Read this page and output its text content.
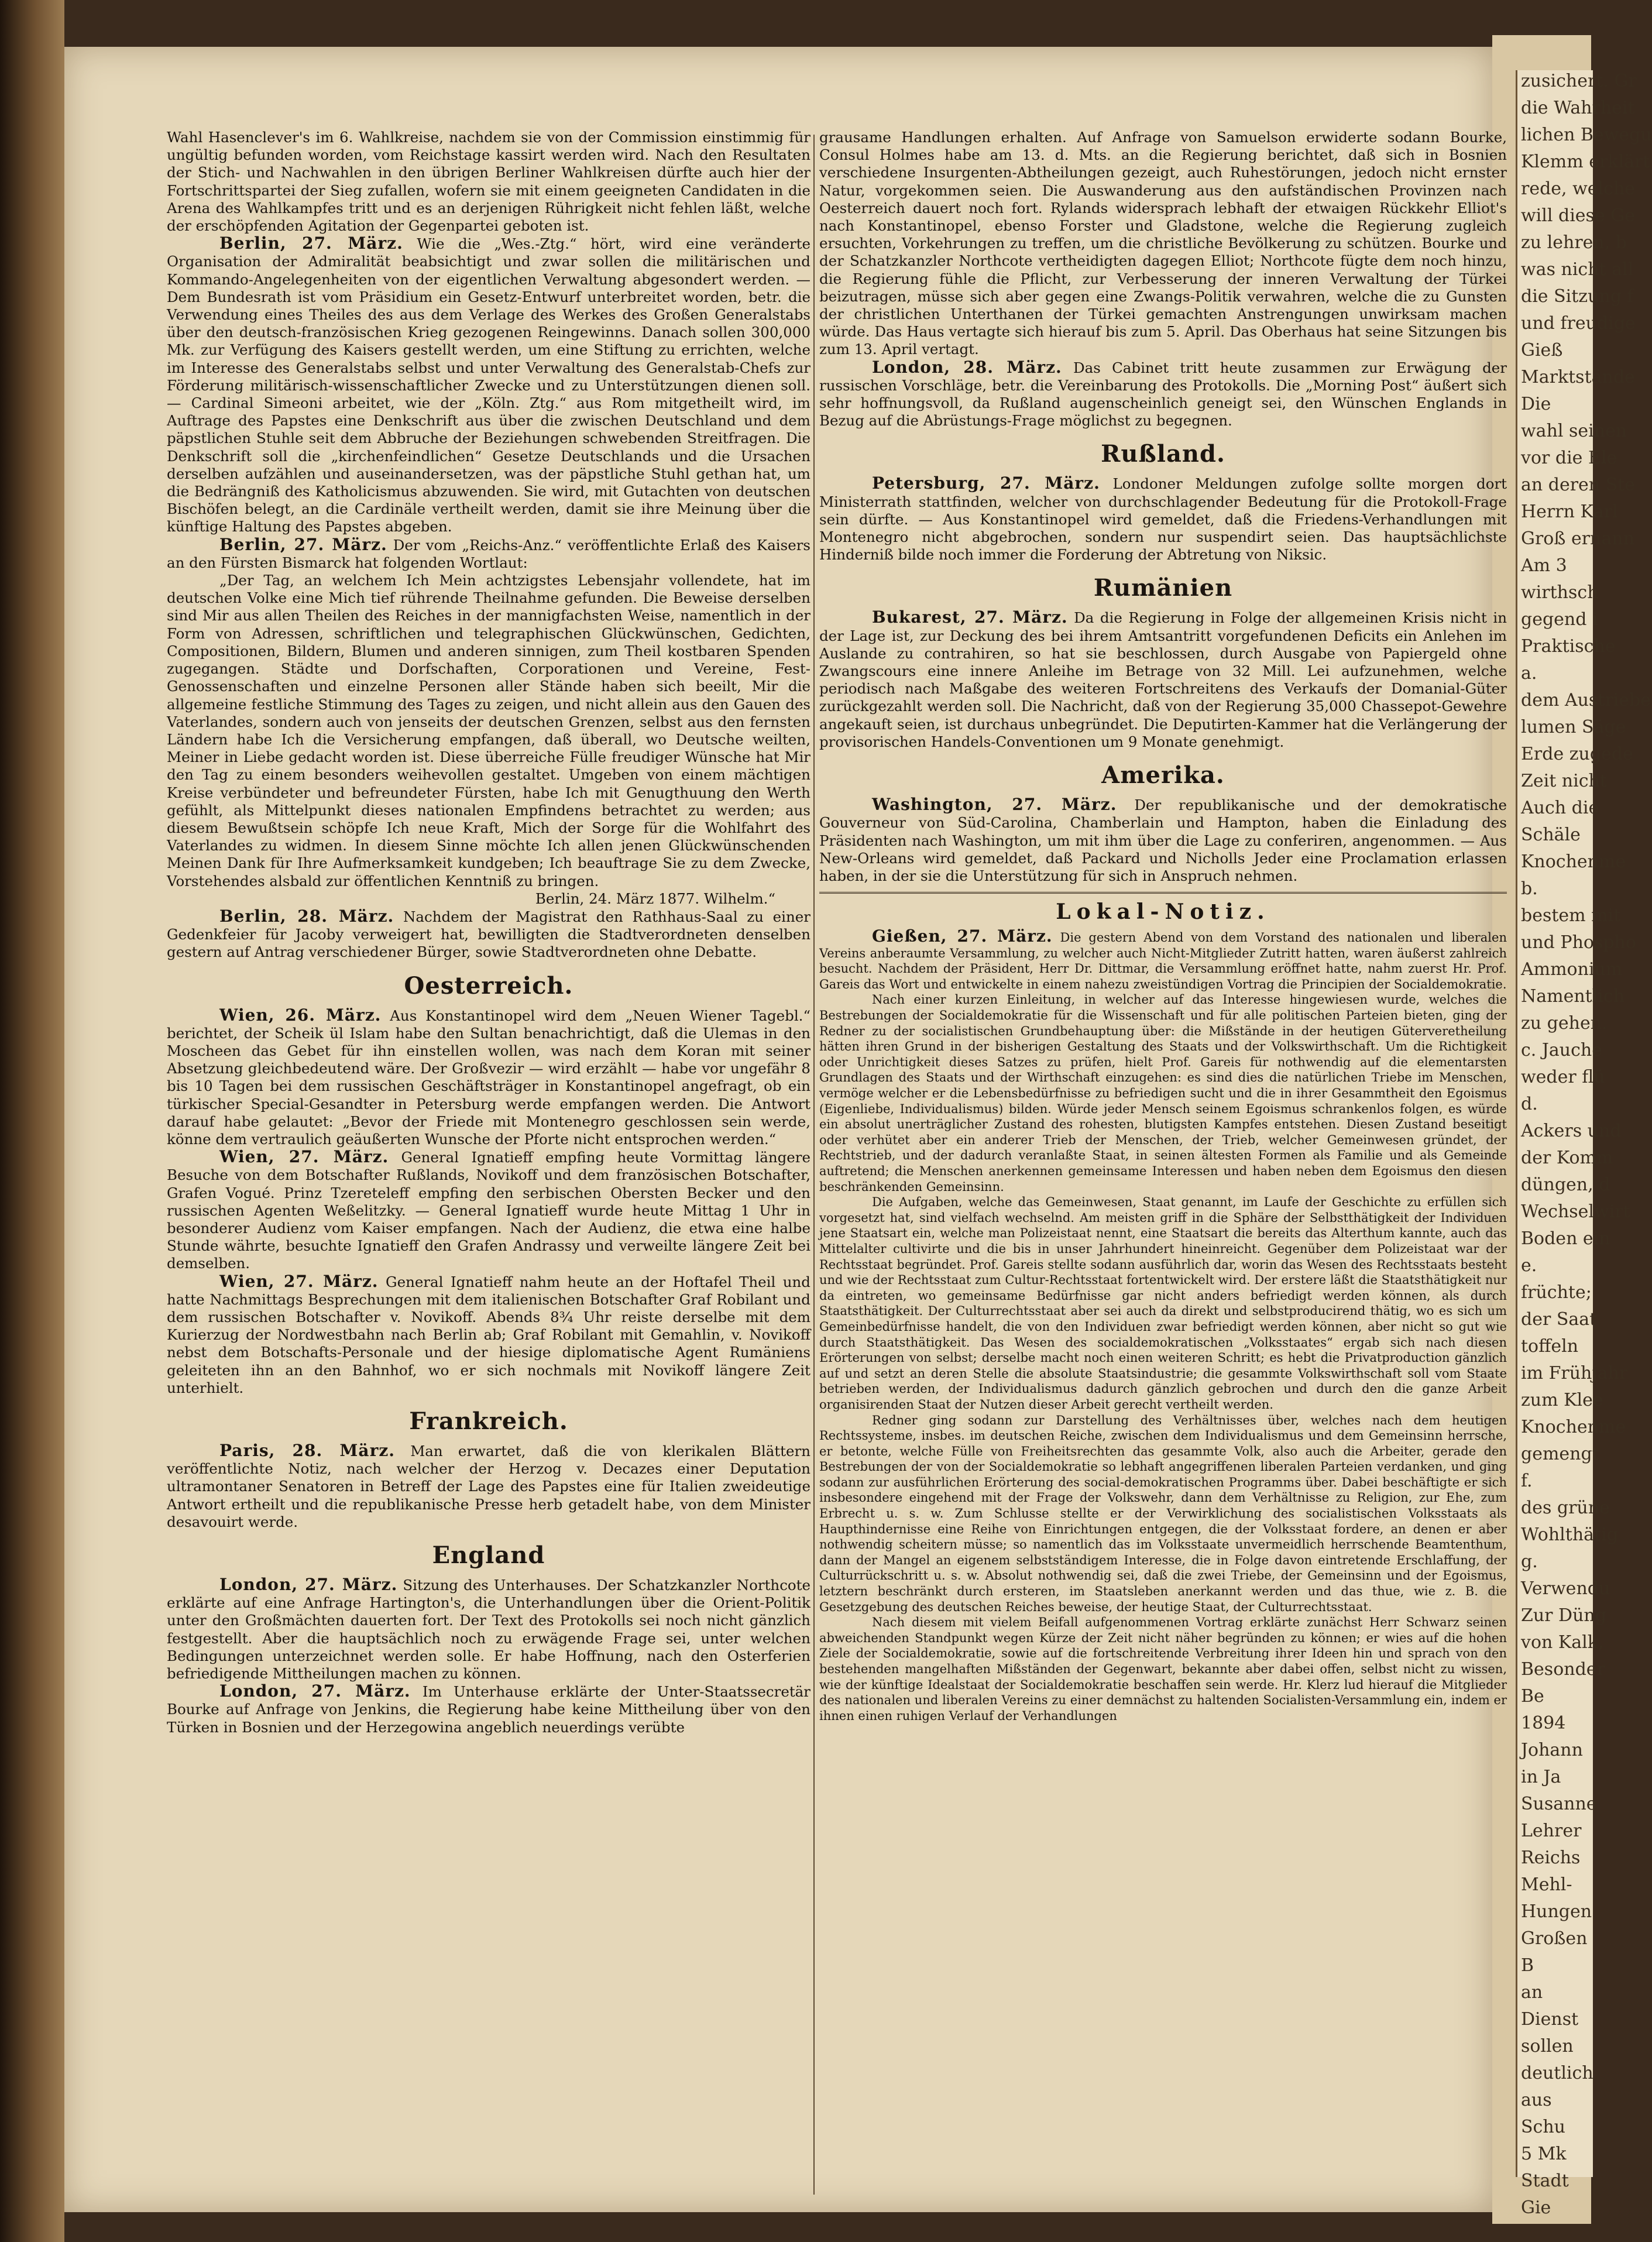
zusichert. Gr

die Wahrheit

lichen Bewegu

Klemm erklärt

rede, welche

will diese Ge

zu lehren, b

was nicht all

die Sitzung f

und freudige

Gieß

Marktstände

Die

wahl seinen

vor die Ele

an deren Ste

Herrn Karl

Groß ernann

Am 3

wirthsch

gegend i

Praktische

a.

dem Austriebe

lumen Säge

Erde zugede

Zeit nicht

Auch die

Schäle

Knochenme

b.

bestem mit

und Phospho

Ammonium

Namentlich

zu gehen.

c. Jauche

weder flü

d.

Ackers und

der Komm

düngen, d

Wechselwirt

Boden ein

e.

früchte;

der Saat

toffeln

im Frühjahr

zum Klee

Knochenme

gemengt

f.

des grüne

Wohlthätig

g.

Verwendu

Zur Düng

von Kalk,

Besonder

Be

1894

Johann

in Ja

Susanne

Lehrer

Reichs

Mehl-

Hungen

Großen

B

an

Dienst

sollen

deutlich

aus

Schu

5 Mk

Stadt

Gie

Wahl Hasenclever's im 6. Wahlkreise, nachdem sie von der Commission einstimmig für ungültig befunden worden, vom Reichstage kassirt werden wird. Nach den Resultaten der Stich- und Nachwahlen in den übrigen Berliner Wahlkreisen dürfte auch hier der Fortschrittspartei der Sieg zufallen, wofern sie mit einem geeigneten Candidaten in die Arena des Wahlkampfes tritt und es an derjenigen Rührigkeit nicht fehlen läßt, welche der erschöpfenden Agitation der Gegenpartei geboten ist.

Berlin, 27. März. Wie die „Wes.-Ztg.“ hört, wird eine veränderte Organisation der Admiralität beabsichtigt und zwar sollen die militärischen und Kommando-Angelegenheiten von der eigentlichen Verwaltung abgesondert werden. — Dem Bundesrath ist vom Präsidium ein Gesetz-Entwurf unterbreitet worden, betr. die Verwendung eines Theiles des aus dem Verlage des Werkes des Großen Generalstabs über den deutsch-französischen Krieg gezogenen Reingewinns. Danach sollen 300,000 Mk. zur Verfügung des Kaisers gestellt werden, um eine Stiftung zu errichten, welche im Interesse des Generalstabs selbst und unter Verwaltung des Generalstab-Chefs zur Förderung militärisch-wissenschaftlicher Zwecke und zu Unterstützungen dienen soll. — Cardinal Simeoni arbeitet, wie der „Köln. Ztg.“ aus Rom mitgetheilt wird, im Auftrage des Papstes eine Denkschrift aus über die zwischen Deutschland und dem päpstlichen Stuhle seit dem Abbruche der Beziehungen schwebenden Streitfragen. Die Denkschrift soll die „kirchenfeindlichen“ Gesetze Deutschlands und die Ursachen derselben aufzählen und auseinandersetzen, was der päpstliche Stuhl gethan hat, um die Bedrängniß des Katholicismus abzuwenden. Sie wird, mit Gutachten von deutschen Bischöfen belegt, an die Cardinäle vertheilt werden, damit sie ihre Meinung über die künftige Haltung des Papstes abgeben.

Berlin, 27. März. Der vom „Reichs-Anz.“ veröffentlichte Erlaß des Kaisers an den Fürsten Bismarck hat folgenden Wortlaut:

„Der Tag, an welchem Ich Mein achtzigstes Lebensjahr vollendete, hat im deutschen Volke eine Mich tief rührende Theilnahme gefunden. Die Beweise derselben sind Mir aus allen Theilen des Reiches in der mannigfachsten Weise, namentlich in der Form von Adressen, schriftlichen und telegraphischen Glückwünschen, Gedichten, Compositionen, Bildern, Blumen und anderen sinnigen, zum Theil kostbaren Spenden zugegangen. Städte und Dorfschaften, Corporationen und Vereine, Fest-Genossenschaften und einzelne Personen aller Stände haben sich beeilt, Mir die allgemeine festliche Stimmung des Tages zu zeigen, und nicht allein aus den Gauen des Vaterlandes, sondern auch von jenseits der deutschen Grenzen, selbst aus den fernsten Ländern habe Ich die Versicherung empfangen, daß überall, wo Deutsche weilten, Meiner in Liebe gedacht worden ist. Diese überreiche Fülle freudiger Wünsche hat Mir den Tag zu einem besonders weihevollen gestaltet. Umgeben von einem mächtigen Kreise verbündeter und befreundeter Fürsten, habe Ich mit Genugthuung den Werth gefühlt, als Mittelpunkt dieses nationalen Empfindens betrachtet zu werden; aus diesem Bewußtsein schöpfe Ich neue Kraft, Mich der Sorge für die Wohlfahrt des Vaterlandes zu widmen. In diesem Sinne möchte Ich allen jenen Glückwünschenden Meinen Dank für Ihre Aufmerksamkeit kundgeben; Ich beauftrage Sie zu dem Zwecke, Vorstehendes alsbald zur öffentlichen Kenntniß zu bringen.

Berlin, 24. März 1877. Wilhelm.“

Berlin, 28. März. Nachdem der Magistrat den Rathhaus-Saal zu einer Gedenkfeier für Jacoby verweigert hat, bewilligten die Stadtverordneten denselben gestern auf Antrag verschiedener Bürger, sowie Stadtverordneten ohne Debatte.

Oesterreich.

Wien, 26. März. Aus Konstantinopel wird dem „Neuen Wiener Tagebl.“ berichtet, der Scheik ül Islam habe den Sultan benachrichtigt, daß die Ulemas in den Moscheen das Gebet für ihn einstellen wollen, was nach dem Koran mit seiner Absetzung gleichbedeutend wäre. Der Großvezir — wird erzählt — habe vor ungefähr 8 bis 10 Tagen bei dem russischen Geschäftsträger in Konstantinopel angefragt, ob ein türkischer Special-Gesandter in Petersburg werde empfangen werden. Die Antwort darauf habe gelautet: „Bevor der Friede mit Montenegro geschlossen sein werde, könne dem vertraulich geäußerten Wunsche der Pforte nicht entsprochen werden.“

Wien, 27. März. General Ignatieff empfing heute Vormittag längere Besuche von dem Botschafter Rußlands, Novikoff und dem französischen Botschafter, Grafen Vogué. Prinz Tzereteleff empfing den serbischen Obersten Becker und den russischen Agenten Weßelitzky. — General Ignatieff wurde heute Mittag 1 Uhr in besonderer Audienz vom Kaiser empfangen. Nach der Audienz, die etwa eine halbe Stunde währte, besuchte Ignatieff den Grafen Andrassy und verweilte längere Zeit bei demselben.

Wien, 27. März. General Ignatieff nahm heute an der Hoftafel Theil und hatte Nachmittags Besprechungen mit dem italienischen Botschafter Graf Robilant und dem russischen Botschafter v. Novikoff. Abends 8¾ Uhr reiste derselbe mit dem Kurierzug der Nordwestbahn nach Berlin ab; Graf Robilant mit Gemahlin, v. Novikoff nebst dem Botschafts-Personale und der hiesige diplomatische Agent Rumäniens geleiteten ihn an den Bahnhof, wo er sich nochmals mit Novikoff längere Zeit unterhielt.

Frankreich.

Paris, 28. März. Man erwartet, daß die von klerikalen Blättern veröffentlichte Notiz, nach welcher der Herzog v. Decazes einer Deputation ultramontaner Senatoren in Betreff der Lage des Papstes eine für Italien zweideutige Antwort ertheilt und die republikanische Presse herb getadelt habe, von dem Minister desavouirt werde.

England

London, 27. März. Sitzung des Unterhauses. Der Schatzkanzler Northcote erklärte auf eine Anfrage Hartington's, die Unterhandlungen über die Orient-Politik unter den Großmächten dauerten fort. Der Text des Protokolls sei noch nicht gänzlich festgestellt. Aber die hauptsächlich noch zu erwägende Frage sei, unter welchen Bedingungen unterzeichnet werden solle. Er habe Hoffnung, nach den Osterferien befriedigende Mittheilungen machen zu können.

London, 27. März. Im Unterhause erklärte der Unter-Staatssecretär Bourke auf Anfrage von Jenkins, die Regierung habe keine Mittheilung über von den Türken in Bosnien und der Herzegowina angeblich neuerdings verübte

grausame Handlungen erhalten. Auf Anfrage von Samuelson erwiderte sodann Bourke, Consul Holmes habe am 13. d. Mts. an die Regierung berichtet, daß sich in Bosnien verschiedene Insurgenten-Abtheilungen gezeigt, auch Ruhestörungen, jedoch nicht ernster Natur, vorgekommen seien. Die Auswanderung aus den aufständischen Provinzen nach Oesterreich dauert noch fort. Rylands widersprach lebhaft der etwaigen Rückkehr Elliot's nach Konstantinopel, ebenso Forster und Gladstone, welche die Regierung zugleich ersuchten, Vorkehrungen zu treffen, um die christliche Bevölkerung zu schützen. Bourke und der Schatzkanzler Northcote vertheidigten dagegen Elliot; Northcote fügte dem noch hinzu, die Regierung fühle die Pflicht, zur Verbesserung der inneren Verwaltung der Türkei beizutragen, müsse sich aber gegen eine Zwangs-Politik verwahren, welche die zu Gunsten der christlichen Unterthanen der Türkei gemachten Anstrengungen unwirksam machen würde. Das Haus vertagte sich hierauf bis zum 5. April. Das Oberhaus hat seine Sitzungen bis zum 13. April vertagt.

London, 28. März. Das Cabinet tritt heute zusammen zur Erwägung der russischen Vorschläge, betr. die Vereinbarung des Protokolls. Die „Morning Post“ äußert sich sehr hoffnungsvoll, da Rußland augenscheinlich geneigt sei, den Wünschen Englands in Bezug auf die Abrüstungs-Frage möglichst zu begegnen.

Rußland.

Petersburg, 27. März. Londoner Meldungen zufolge sollte morgen dort Ministerrath stattfinden, welcher von durchschlagender Bedeutung für die Protokoll-Frage sein dürfte. — Aus Konstantinopel wird gemeldet, daß die Friedens-Verhandlungen mit Montenegro nicht abgebrochen, sondern nur suspendirt seien. Das hauptsächlichste Hinderniß bilde noch immer die Forderung der Abtretung von Niksic.

Rumänien

Bukarest, 27. März. Da die Regierung in Folge der allgemeinen Krisis nicht in der Lage ist, zur Deckung des bei ihrem Amtsantritt vorgefundenen Deficits ein Anlehen im Auslande zu contrahiren, so hat sie beschlossen, durch Ausgabe von Papiergeld ohne Zwangscours eine innere Anleihe im Betrage von 32 Mill. Lei aufzunehmen, welche periodisch nach Maßgabe des weiteren Fortschreitens des Verkaufs der Domanial-Güter zurückgezahlt werden soll. Die Nachricht, daß von der Regierung 35,000 Chassepot-Gewehre angekauft seien, ist durchaus unbegründet. Die Deputirten-Kammer hat die Verlängerung der provisorischen Handels-Conventionen um 9 Monate genehmigt.

Amerika.

Washington, 27. März. Der republikanische und der demokratische Gouverneur von Süd-Carolina, Chamberlain und Hampton, haben die Einladung des Präsidenten nach Washington, um mit ihm über die Lage zu conferiren, angenommen. — Aus New-Orleans wird gemeldet, daß Packard und Nicholls Jeder eine Proclamation erlassen haben, in der sie die Unterstützung für sich in Anspruch nehmen.

Lokal-Notiz.

Gießen, 27. März. Die gestern Abend von dem Vorstand des nationalen und liberalen Vereins anberaumte Versammlung, zu welcher auch Nicht-Mitglieder Zutritt hatten, waren äußerst zahlreich besucht. Nachdem der Präsident, Herr Dr. Dittmar, die Versammlung eröffnet hatte, nahm zuerst Hr. Prof. Gareis das Wort und entwickelte in einem nahezu zweistündigen Vortrag die Principien der Socialdemokratie.

Nach einer kurzen Einleitung, in welcher auf das Interesse hingewiesen wurde, welches die Bestrebungen der Socialdemokratie für die Wissenschaft und für alle politischen Parteien bieten, ging der Redner zu der socialistischen Grundbehauptung über: die Mißstände in der heutigen Güterveretheilung hätten ihren Grund in der bisherigen Gestaltung des Staats und der Volkswirthschaft. Um die Richtigkeit oder Unrichtigkeit dieses Satzes zu prüfen, hielt Prof. Gareis für nothwendig auf die elementarsten Grundlagen des Staats und der Wirthschaft einzugehen: es sind dies die natürlichen Triebe im Menschen, vermöge welcher er die Lebensbedürfnisse zu befriedigen sucht und die in ihrer Gesammtheit den Egoismus (Eigenliebe, Individualismus) bilden. Würde jeder Mensch seinem Egoismus schrankenlos folgen, es würde ein absolut unerträglicher Zustand des rohesten, blutigsten Kampfes entstehen. Diesen Zustand beseitigt oder verhütet aber ein anderer Trieb der Menschen, der Trieb, welcher Gemeinwesen gründet, der Rechtstrieb, und der dadurch veranlaßte Staat, in seinen ältesten Formen als Familie und als Gemeinde auftretend; die Menschen anerkennen gemeinsame Interessen und haben neben dem Egoismus den diesen beschränkenden Gemeinsinn.

Die Aufgaben, welche das Gemeinwesen, Staat genannt, im Laufe der Geschichte zu erfüllen sich vorgesetzt hat, sind vielfach wechselnd. Am meisten griff in die Sphäre der Selbstthätigkeit der Individuen jene Staatsart ein, welche man Polizeistaat nennt, eine Staatsart die bereits das Alterthum kannte, auch das Mittelalter cultivirte und die bis in unser Jahrhundert hineinreicht. Gegenüber dem Polizeistaat war der Rechtsstaat begründet. Prof. Gareis stellte sodann ausführlich dar, worin das Wesen des Rechtsstaats besteht und wie der Rechtsstaat zum Cultur-Rechtsstaat fortentwickelt wird. Der erstere läßt die Staatsthätigkeit nur da eintreten, wo gemeinsame Bedürfnisse gar nicht anders befriedigt werden können, als durch Staatsthätigkeit. Der Culturrechtsstaat aber sei auch da direkt und selbstproducirend thätig, wo es sich um Gemeinbedürfnisse handelt, die von den Individuen zwar befriedigt werden können, aber nicht so gut wie durch Staatsthätigkeit. Das Wesen des socialdemokratischen „Volksstaates“ ergab sich nach diesen Erörterungen von selbst; derselbe macht noch einen weiteren Schritt; es hebt die Privatproduction gänzlich auf und setzt an deren Stelle die absolute Staatsindustrie; die gesammte Volkswirthschaft soll vom Staate betrieben werden, der Individualismus dadurch gänzlich gebrochen und durch den die ganze Arbeit organisirenden Staat der Nutzen dieser Arbeit gerecht vertheilt werden.

Redner ging sodann zur Darstellung des Verhältnisses über, welches nach dem heutigen Rechtssysteme, insbes. im deutschen Reiche, zwischen dem Individualismus und dem Gemeinsinn herrsche, er betonte, welche Fülle von Freiheitsrechten das gesammte Volk, also auch die Arbeiter, gerade den Bestrebungen der von der Socialdemokratie so lebhaft angegriffenen liberalen Parteien verdanken, und ging sodann zur ausführlichen Erörterung des social-demokratischen Programms über. Dabei beschäftigte er sich insbesondere eingehend mit der Frage der Volkswehr, dann dem Verhältnisse zu Religion, zur Ehe, zum Erbrecht u. s. w. Zum Schlusse stellte er der Verwirklichung des socialistischen Volksstaats als Haupthindernisse eine Reihe von Einrichtungen entgegen, die der Volksstaat fordere, an denen er aber nothwendig scheitern müsse; so namentlich das im Volksstaate unvermeidlich herrschende Beamtenthum, dann der Mangel an eigenem selbstständigem Interesse, die in Folge davon eintretende Erschlaffung, der Culturrückschritt u. s. w. Absolut nothwendig sei, daß die zwei Triebe, der Gemeinsinn und der Egoismus, letztern beschränkt durch ersteren, im Staatsleben anerkannt werden und das thue, wie z. B. die Gesetzgebung des deutschen Reiches beweise, der heutige Staat, der Culturrechtsstaat.

Nach diesem mit vielem Beifall aufgenommenen Vortrag erklärte zunächst Herr Schwarz seinen abweichenden Standpunkt wegen Kürze der Zeit nicht näher begründen zu können; er wies auf die hohen Ziele der Socialdemokratie, sowie auf die fortschreitende Verbreitung ihrer Ideen hin und sprach von den bestehenden mangelhaften Mißständen der Gegenwart, bekannte aber dabei offen, selbst nicht zu wissen, wie der künftige Idealstaat der Socialdemokratie beschaffen sein werde. Hr. Klerz lud hierauf die Mitglieder des nationalen und liberalen Vereins zu einer demnächst zu haltenden Socialisten-Versammlung ein, indem er ihnen einen ruhigen Verlauf der Verhandlungen
